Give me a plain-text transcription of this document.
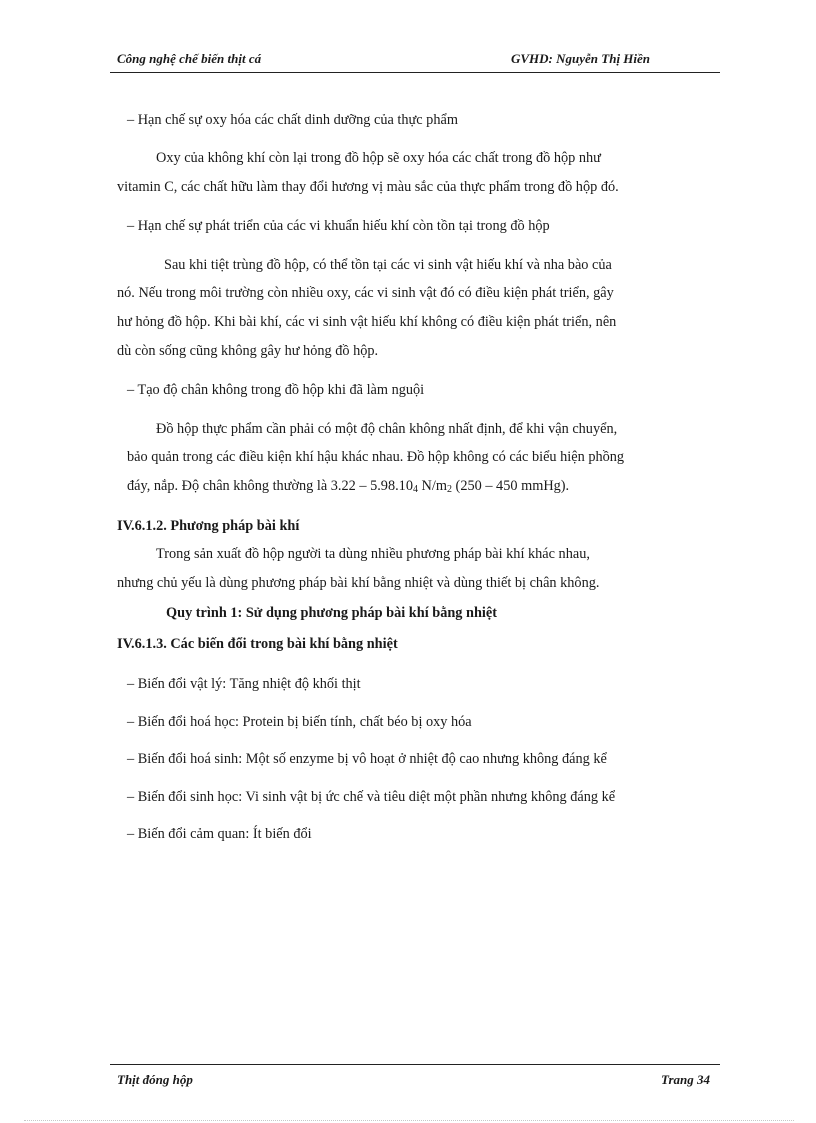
Công nghệ chế biến thịt cá	GVHD: Nguyễn Thị Hiền
– Hạn chế sự oxy hóa các chất dinh dưỡng của thực phẩm
Oxy của không khí còn lại trong đồ hộp sẽ oxy hóa các chất trong đồ hộp như
vitamin C, các chất hữu làm thay đổi hương vị màu sắc của thực phẩm trong đồ hộp đó.
– Hạn chế sự phát triển của các vi khuẩn hiếu khí còn tồn tại trong đồ hộp
Sau khi tiệt trùng đồ hộp, có thể tồn tại các vi sinh vật hiếu khí và nha bào của
nó. Nếu trong môi trường còn nhiều oxy, các vi sinh vật đó có điều kiện phát triển, gây
hư hỏng đồ hộp. Khi bài khí, các vi sinh vật hiếu khí không có điều kiện phát triển, nên
dù còn sống cũng không gây hư hỏng đồ hộp.
– Tạo độ chân không trong đồ hộp khi đã làm nguội
Đồ hộp thực phẩm cần phải có một độ chân không nhất định, để khi vận chuyển,
bảo quản trong các điều kiện khí hậu khác nhau. Đồ hộp không có các biểu hiện phồng
đáy, nắp. Độ chân không thường là $3.22 - 5.98.10_4$ $N/m_2$ (250 – 450 mmHg).
IV.6.1.2. Phương pháp bài khí
Trong sản xuất đồ hộp người ta dùng nhiều phương pháp bài khí khác nhau,
nhưng chủ yếu là dùng phương pháp bài khí bằng nhiệt và dùng thiết bị chân không.
Quy trình 1: Sử dụng phương pháp bài khí bằng nhiệt
IV.6.1.3. Các biến đổi trong bài khí bằng nhiệt
– Biến đổi vật lý: Tăng nhiệt độ khối thịt
– Biến đổi hoá học: Protein bị biến tính, chất béo bị oxy hóa
– Biến đổi hoá sinh: Một số enzyme bị vô hoạt ở nhiệt độ cao nhưng không đáng kể
– Biến đổi sinh học: Vi sinh vật bị ức chế và tiêu diệt một phần nhưng không đáng kể
– Biến đổi cảm quan: Ít biến đổi
Thịt đóng hộp	Trang 34
